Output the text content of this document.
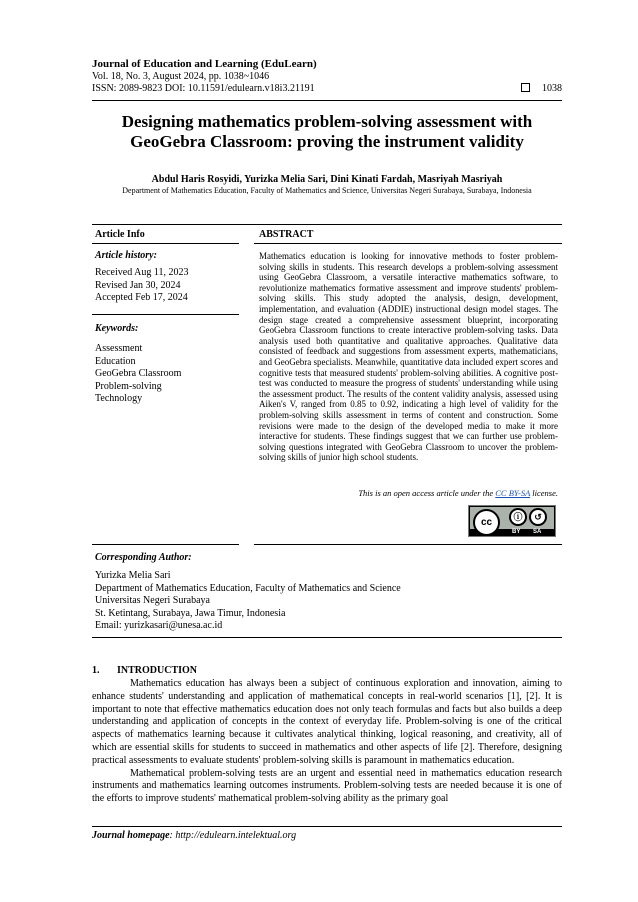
Journal of Education and Learning (EduLearn)
Vol. 18, No. 3, August 2024, pp. 1038~1046
ISSN: 2089-9823 DOI: 10.11591/edulearn.v18i3.21191	1038
Designing mathematics problem-solving assessment with GeoGebra Classroom: proving the instrument validity
Abdul Haris Rosyidi, Yurizka Melia Sari, Dini Kinati Fardah, Masriyah Masriyah
Department of Mathematics Education, Faculty of Mathematics and Science, Universitas Negeri Surabaya, Surabaya, Indonesia
Article Info	ABSTRACT
Article history:
Received Aug 11, 2023
Revised Jan 30, 2024
Accepted Feb 17, 2024
Keywords:
Assessment
Education
GeoGebra Classroom
Problem-solving
Technology
Mathematics education is looking for innovative methods to foster problem-solving skills in students. This research develops a problem-solving assessment using GeoGebra Classroom, a versatile interactive mathematics software, to revolutionize mathematics formative assessment and improve students' problem-solving skills. This study adopted the analysis, design, development, implementation, and evaluation (ADDIE) instructional design model stages. The design stage created a comprehensive assessment blueprint, incorporating GeoGebra Classroom functions to create interactive problem-solving tasks. Data analysis used both quantitative and qualitative approaches. Qualitative data consisted of feedback and suggestions from assessment experts, mathematicians, and GeoGebra specialists. Meanwhile, quantitative data included expert scores and cognitive tests that measured students' problem-solving abilities. A cognitive post-test was conducted to measure the progress of students' understanding while using the assessment product. The results of the content validity analysis, assessed using Aiken's V, ranged from 0.85 to 0.92, indicating a high level of validity for the problem-solving skills assessment in terms of content and construction. Some revisions were made to the design of the developed media to make it more interactive for students. These findings suggest that we can further use problem-solving questions integrated with GeoGebra Classroom to uncover the problem-solving skills of junior high school students.
This is an open access article under the CC BY-SA license.
cc	ⓘ	↺
BY SA
Corresponding Author:
Yurizka Melia Sari
Department of Mathematics Education, Faculty of Mathematics and Science
Universitas Negeri Surabaya
St. Ketintang, Surabaya, Jawa Timur, Indonesia
Email: yurizkasari@unesa.ac.id
1.       INTRODUCTION

Mathematics education has always been a subject of continuous exploration and innovation, aiming to enhance students' understanding and application of mathematical concepts in real-world scenarios [1], [2]. It is important to note that effective mathematics education does not only teach formulas and facts but also builds a deep understanding and application of concepts in the context of everyday life. Problem-solving is one of the critical aspects of mathematics learning because it cultivates analytical thinking, logical reasoning, and creativity, all of which are essential skills for students to succeed in mathematics and other aspects of life [2]. Therefore, designing practical assessments to evaluate students' problem-solving skills is paramount in mathematics education.

Mathematical problem-solving tests are an urgent and essential need in mathematics education research instruments and mathematics learning outcomes instruments. Problem-solving tests are needed because it is one of the efforts to improve students' mathematical problem-solving ability as the primary goal

Journal homepage: http://edulearn.intelektual.org
